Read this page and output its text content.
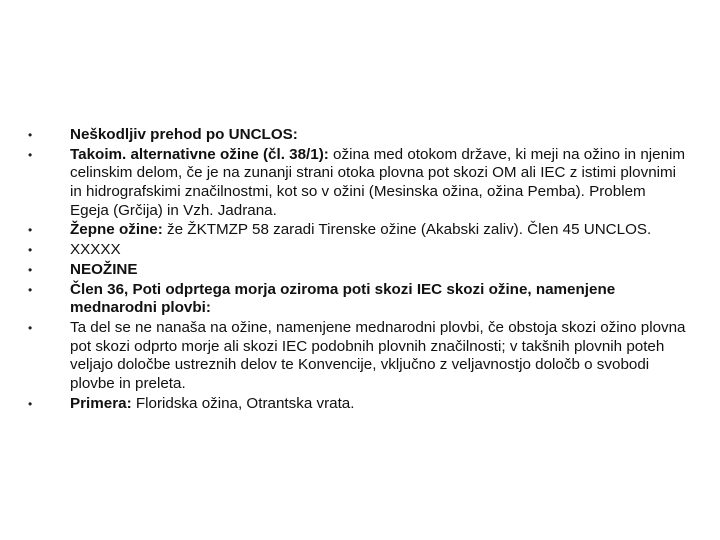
•	Neškodljiv prehod po UNCLOS:
•	Takoim. alternativne ožine (čl. 38/1): ožina med otokom države, ki meji na ožino in njenim celinskim delom, če je na zunanji strani otoka plovna pot skozi OM ali IEC z istimi plovnimi in hidrografskimi značilnostmi, kot so v ožini (Mesinska ožina, ožina Pemba). Problem Egeja (Grčija) in Vzh. Jadrana.
•	Žepne ožine: že ŽKTMZP 58 zaradi Tirenske ožine (Akabski zaliv). Člen 45 UNCLOS.
•	XXXXX
•	NEOŽINE
•	Člen 36, Poti odprtega morja oziroma poti skozi IEC skozi ožine, namenjene mednarodni plovbi:
•	Ta del se ne nanaša na ožine, namenjene mednarodni plovbi, če obstoja skozi ožino plovna pot skozi odprto morje ali skozi IEC podobnih plovnih značilnosti; v takšnih plovnih poteh veljajo določbe ustreznih delov te Konvencije, vključno z veljavnostjo določb o svobodi plovbe in preleta.
•	Primera: Floridska ožina, Otrantska vrata.
